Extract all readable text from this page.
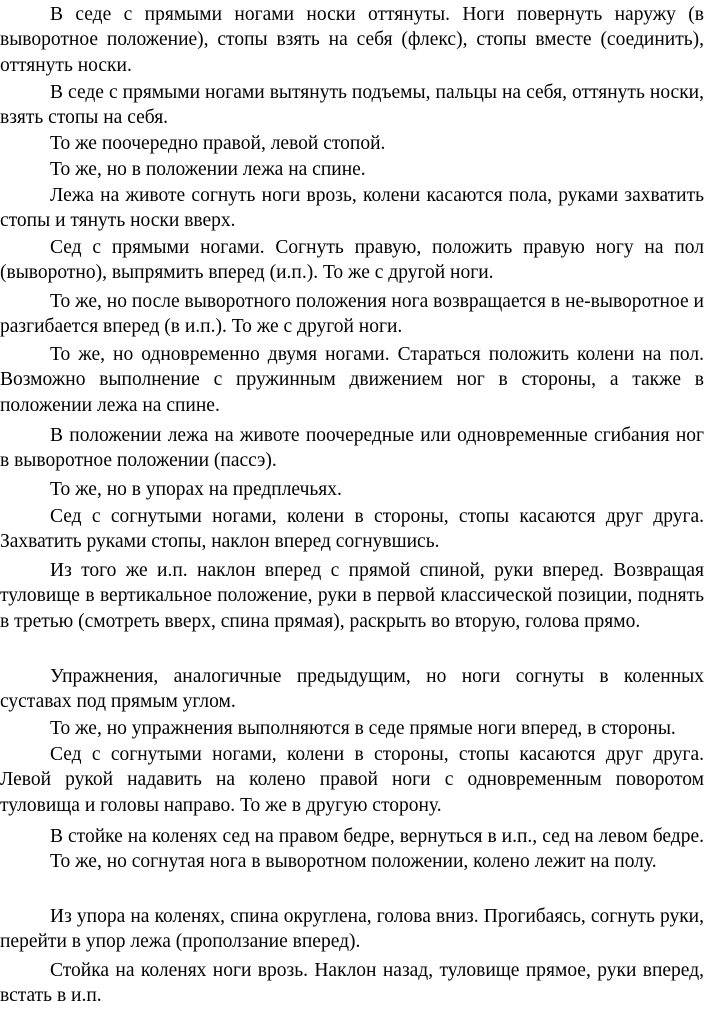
В седе с прямыми ногами носки оттянуты. Ноги повернуть наружу (в выворотное положение), стопы взять на себя (флекс), стопы вместе (соединить), оттянуть носки.

В седе с прямыми ногами вытянуть подъемы, пальцы на себя, оттянуть носки, взять стопы на себя.

То же поочередно правой, левой стопой.

То же, но в положении лежа на спине.

Лежа на животе согнуть ноги врозь, колени касаются пола, руками захватить стопы и тянуть носки вверх.

Сед с прямыми ногами. Согнуть правую, положить правую ногу на пол (выворотно), выпрямить вперед (и.п.). То же с другой ноги.

То же, но после выворотного положения нога возвращается в не-выворотное и разгибается вперед (в и.п.). То же с другой ноги.

То же, но одновременно двумя ногами. Стараться положить колени на пол. Возможно выполнение с пружинным движением ног в стороны, а также в положении лежа на спине.

В положении лежа на животе поочередные или одновременные сгибания ног в выворотное положении (пассэ).

То же, но в упорах на предплечьях.

Сед с согнутыми ногами, колени в стороны, стопы касаются друг друга. Захватить руками стопы, наклон вперед согнувшись.

Из того же и.п. наклон вперед с прямой спиной, руки вперед. Возвращая туловище в вертикальное положение, руки в первой классической позиции, поднять в третью (смотреть вверх, спина прямая), раскрыть во вторую, голова прямо.

Упражнения, аналогичные предыдущим, но ноги согнуты в коленных суставах под прямым углом.

То же, но упражнения выполняются в седе прямые ноги вперед, в стороны.

Сед с согнутыми ногами, колени в стороны, стопы касаются друг друга. Левой рукой надавить на колено правой ноги с одновременным поворотом туловища и головы направо. То же в другую сторону.

В стойке на коленях сед на правом бедре, вернуться в и.п., сед на левом бедре. То же, но согнутая нога в выворотном положении, колено лежит на полу.

Из упора на коленях, спина округлена, голова вниз. Прогибаясь, согнуть руки, перейти в упор лежа (проползание вперед).

Стойка на коленях ноги врозь. Наклон назад, туловище прямое, руки вперед, встать в и.п.
